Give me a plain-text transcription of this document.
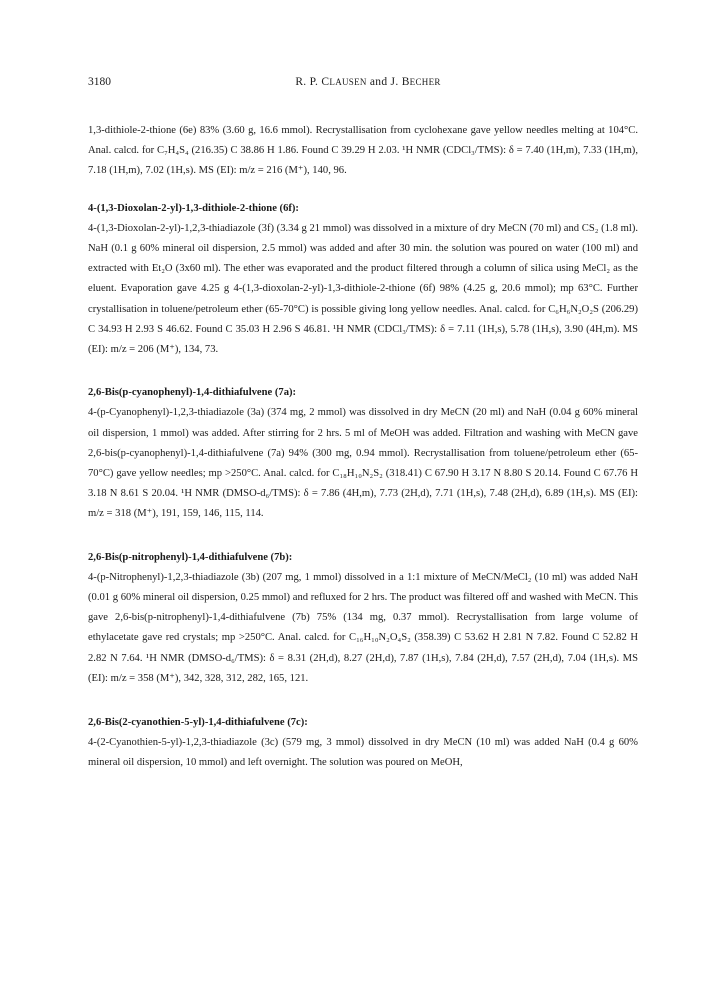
3180	R. P. CLAUSEN and J. BECHER

1,3-dithiole-2-thione (6e) 83% (3.60 g, 16.6 mmol). Recrystallisation from cyclohexane gave yellow needles melting at 104°C. Anal. calcd. for C₇H₄S₄ (216.35) C 38.86 H 1.86. Found C 39.29 H 2.03. ¹H NMR (CDCl₃/TMS): δ = 7.40 (1H,m), 7.33 (1H,m), 7.18 (1H,m), 7.02 (1H,s). MS (EI): m/z = 216 (M⁺), 140, 96.

4-(1,3-Dioxolan-2-yl)-1,3-dithiole-2-thione (6f):

4-(1,3-Dioxolan-2-yl)-1,2,3-thiadiazole (3f) (3.34 g 21 mmol) was dissolved in a mixture of dry MeCN (70 ml) and CS₂ (1.8 ml). NaH (0.1 g 60% mineral oil dispersion, 2.5 mmol) was added and after 30 min. the solution was poured on water (100 ml) and extracted with Et₂O (3x60 ml). The ether was evaporated and the product filtered through a column of silica using MeCl₂ as the eluent. Evaporation gave 4.25 g 4-(1,3-dioxolan-2-yl)-1,3-dithiole-2-thione (6f) 98% (4.25 g, 20.6 mmol); mp 63°C. Further crystallisation in toluene/petroleum ether (65-70°C) is possible giving long yellow needles. Anal. calcd. for C₆H₆N₂O₂S (206.29) C 34.93 H 2.93 S 46.62. Found C 35.03 H 2.96 S 46.81. ¹H NMR (CDCl₃/TMS): δ = 7.11 (1H,s), 5.78 (1H,s), 3.90 (4H,m). MS (EI): m/z = 206 (M⁺), 134, 73.

2,6-Bis(p-cyanophenyl)-1,4-dithiafulvene (7a):

4-(p-Cyanophenyl)-1,2,3-thiadiazole (3a) (374 mg, 2 mmol) was dissolved in dry MeCN (20 ml) and NaH (0.04 g 60% mineral oil dispersion, 1 mmol) was added. After stirring for 2 hrs. 5 ml of MeOH was added. Filtration and washing with MeCN gave 2,6-bis(p-cyanophenyl)-1,4-dithiafulvene (7a) 94% (300 mg, 0.94 mmol). Recrystallisation from toluene/petroleum ether (65-70°C) gave yellow needles; mp >250°C. Anal. calcd. for C₁₈H₁₀N₂S₂ (318.41) C 67.90 H 3.17 N 8.80 S 20.14. Found C 67.76 H 3.18 N 8.61 S 20.04. ¹H NMR (DMSO-d₆/TMS): δ = 7.86 (4H,m), 7.73 (2H,d), 7.71 (1H,s), 7.48 (2H,d), 6.89 (1H,s). MS (EI): m/z = 318 (M⁺), 191, 159, 146, 115, 114.

2,6-Bis(p-nitrophenyl)-1,4-dithiafulvene (7b):

4-(p-Nitrophenyl)-1,2,3-thiadiazole (3b) (207 mg, 1 mmol) dissolved in a 1:1 mixture of MeCN/MeCl₂ (10 ml) was added NaH (0.01 g 60% mineral oil dispersion, 0.25 mmol) and refluxed for 2 hrs. The product was filtered off and washed with MeCN. This gave 2,6-bis(p-nitrophenyl)-1,4-dithiafulvene (7b) 75% (134 mg, 0.37 mmol). Recrystallisation from large volume of ethylacetate gave red crystals; mp >250°C. Anal. calcd. for C₁₆H₁₀N₂O₄S₂ (358.39) C 53.62 H 2.81 N 7.82. Found C 52.82 H 2.82 N 7.64. ¹H NMR (DMSO-d₆/TMS): δ = 8.31 (2H,d), 8.27 (2H,d), 7.87 (1H,s), 7.84 (2H,d), 7.57 (2H,d), 7.04 (1H,s). MS (EI): m/z = 358 (M⁺), 342, 328, 312, 282, 165, 121.

2,6-Bis(2-cyanothien-5-yl)-1,4-dithiafulvene (7c):

4-(2-Cyanothien-5-yl)-1,2,3-thiadiazole (3c) (579 mg, 3 mmol) dissolved in dry MeCN (10 ml) was added NaH (0.4 g 60% mineral oil dispersion, 10 mmol) and left overnight. The solution was poured on MeOH,
